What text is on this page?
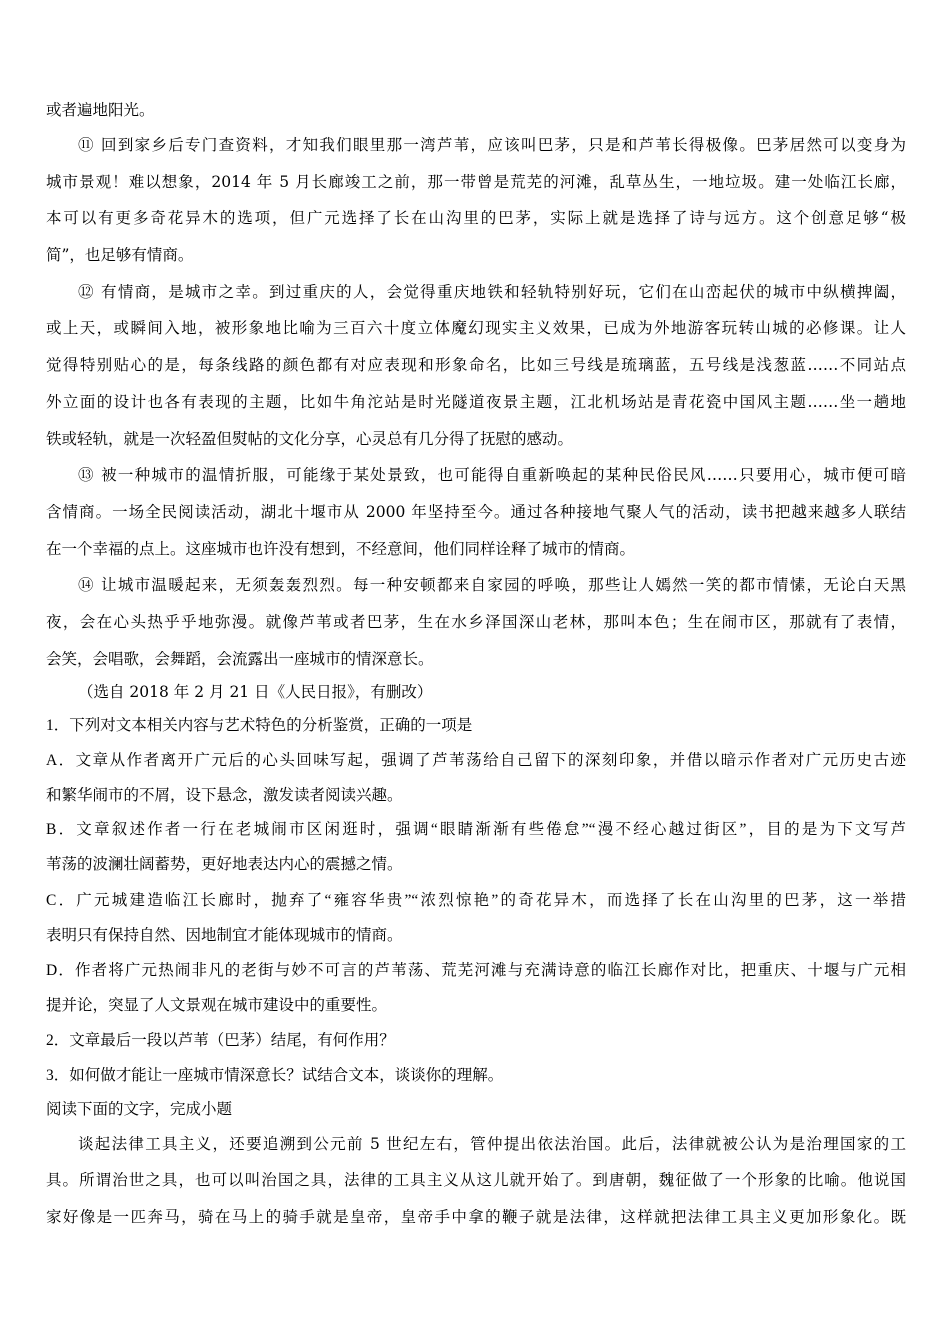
或者遍地阳光。
⑪ 回到家乡后专门查资料，才知我们眼里那一湾芦苇，应该叫巴茅，只是和芦苇长得极像。巴茅居然可以变身为
城市景观！难以想象，2014 年 5 月长廊竣工之前，那一带曾是荒芜的河滩，乱草丛生，一地垃圾。建一处临江长廊，
本可以有更多奇花异木的选项，但广元选择了长在山沟里的巴茅，实际上就是选择了诗与远方。这个创意足够“极
简”，也足够有情商。
⑫ 有情商，是城市之幸。到过重庆的人，会觉得重庆地铁和轻轨特别好玩，它们在山峦起伏的城市中纵横捭阖，
或上天，或瞬间入地，被形象地比喻为三百六十度立体魔幻现实主义效果，已成为外地游客玩转山城的必修课。让人
觉得特别贴心的是，每条线路的颜色都有对应表现和形象命名，比如三号线是琉璃蓝，五号线是浅葱蓝……不同站点
外立面的设计也各有表现的主题，比如牛角沱站是时光隧道夜景主题，江北机场站是青花瓷中国风主题……坐一趟地
铁或轻轨，就是一次轻盈但熨帖的文化分享，心灵总有几分得了抚慰的感动。
⑬ 被一种城市的温情折服，可能缘于某处景致，也可能得自重新唤起的某种民俗民风……只要用心，城市便可暗
含情商。一场全民阅读活动，湖北十堰市从 2000 年坚持至今。通过各种接地气聚人气的活动，读书把越来越多人联结
在一个幸福的点上。这座城市也许没有想到，不经意间，他们同样诠释了城市的情商。
⑭ 让城市温暖起来，无须轰轰烈烈。每一种安顿都来自家园的呼唤，那些让人嫣然一笑的都市情愫，无论白天黑
夜，会在心头热乎乎地弥漫。就像芦苇或者巴茅，生在水乡泽国深山老林，那叫本色；生在闹市区，那就有了表情，
会笑，会唱歌，会舞蹈，会流露出一座城市的情深意长。
（选自 2018 年 2 月 21 日《人民日报》，有删改）
1．下列对文本相关内容与艺术特色的分析鉴赏，正确的一项是
A．文章从作者离开广元后的心头回味写起，强调了芦苇荡给自己留下的深刻印象，并借以暗示作者对广元历史古迹
和繁华闹市的不屑，设下悬念，激发读者阅读兴趣。
B．文章叙述作者一行在老城闹市区闲逛时，强调“眼睛渐渐有些倦怠”“漫不经心越过街区”，目的是为下文写芦
苇荡的波澜壮阔蓄势，更好地表达内心的震撼之情。
C．广元城建造临江长廊时，抛弃了“雍容华贵”“浓烈惊艳”的奇花异木，而选择了长在山沟里的巴茅，这一举措
表明只有保持自然、因地制宜才能体现城市的情商。
D．作者将广元热闹非凡的老街与妙不可言的芦苇荡、荒芜河滩与充满诗意的临江长廊作对比，把重庆、十堰与广元相
提并论，突显了人文景观在城市建设中的重要性。
2．文章最后一段以芦苇（巴茅）结尾，有何作用？
3．如何做才能让一座城市情深意长？试结合文本，谈谈你的理解。
阅读下面的文字，完成小题
谈起法律工具主义，还要追溯到公元前 5 世纪左右，管仲提出依法治国。此后，法律就被公认为是治理国家的工
具。所谓治世之具，也可以叫治国之具，法律的工具主义从这儿就开始了。到唐朝，魏征做了一个形象的比喻。他说国
家好像是一匹奔马，骑在马上的骑手就是皇帝，皇帝手中拿的鞭子就是法律，这样就把法律工具主义更加形象化。既
